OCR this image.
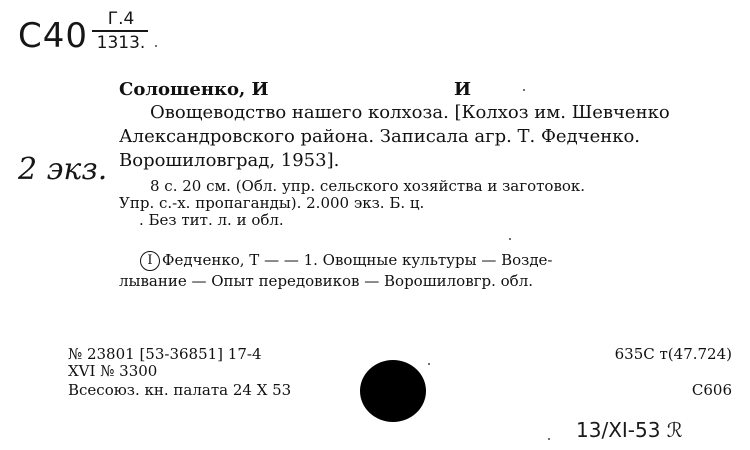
С40	Г.4
1313.
2 экз.
Солошенко, И	И
Овощеводство нашего колхоза. [Колхоз им. Шевченко
Александровского района. Записала агр. Т. Федченко.
Ворошиловград, 1953].
8 с. 20 см. (Обл. упр. сельского хозяйства и заготовок.
Упр. с.-х. пропаганды). 2.000 экз. Б. ц.
. Без тит. л. и обл.
I Федченко, Т — — 1. Овощные культуры — Возде-
лывание — Опыт передовиков — Ворошиловгр. обл.
№ 23801 [53-36851] 17-4
XVI № 3300
Всесоюз. кн. палата 24 X 53
635С т(47.724)
С606
13/XI-53 ℛ
